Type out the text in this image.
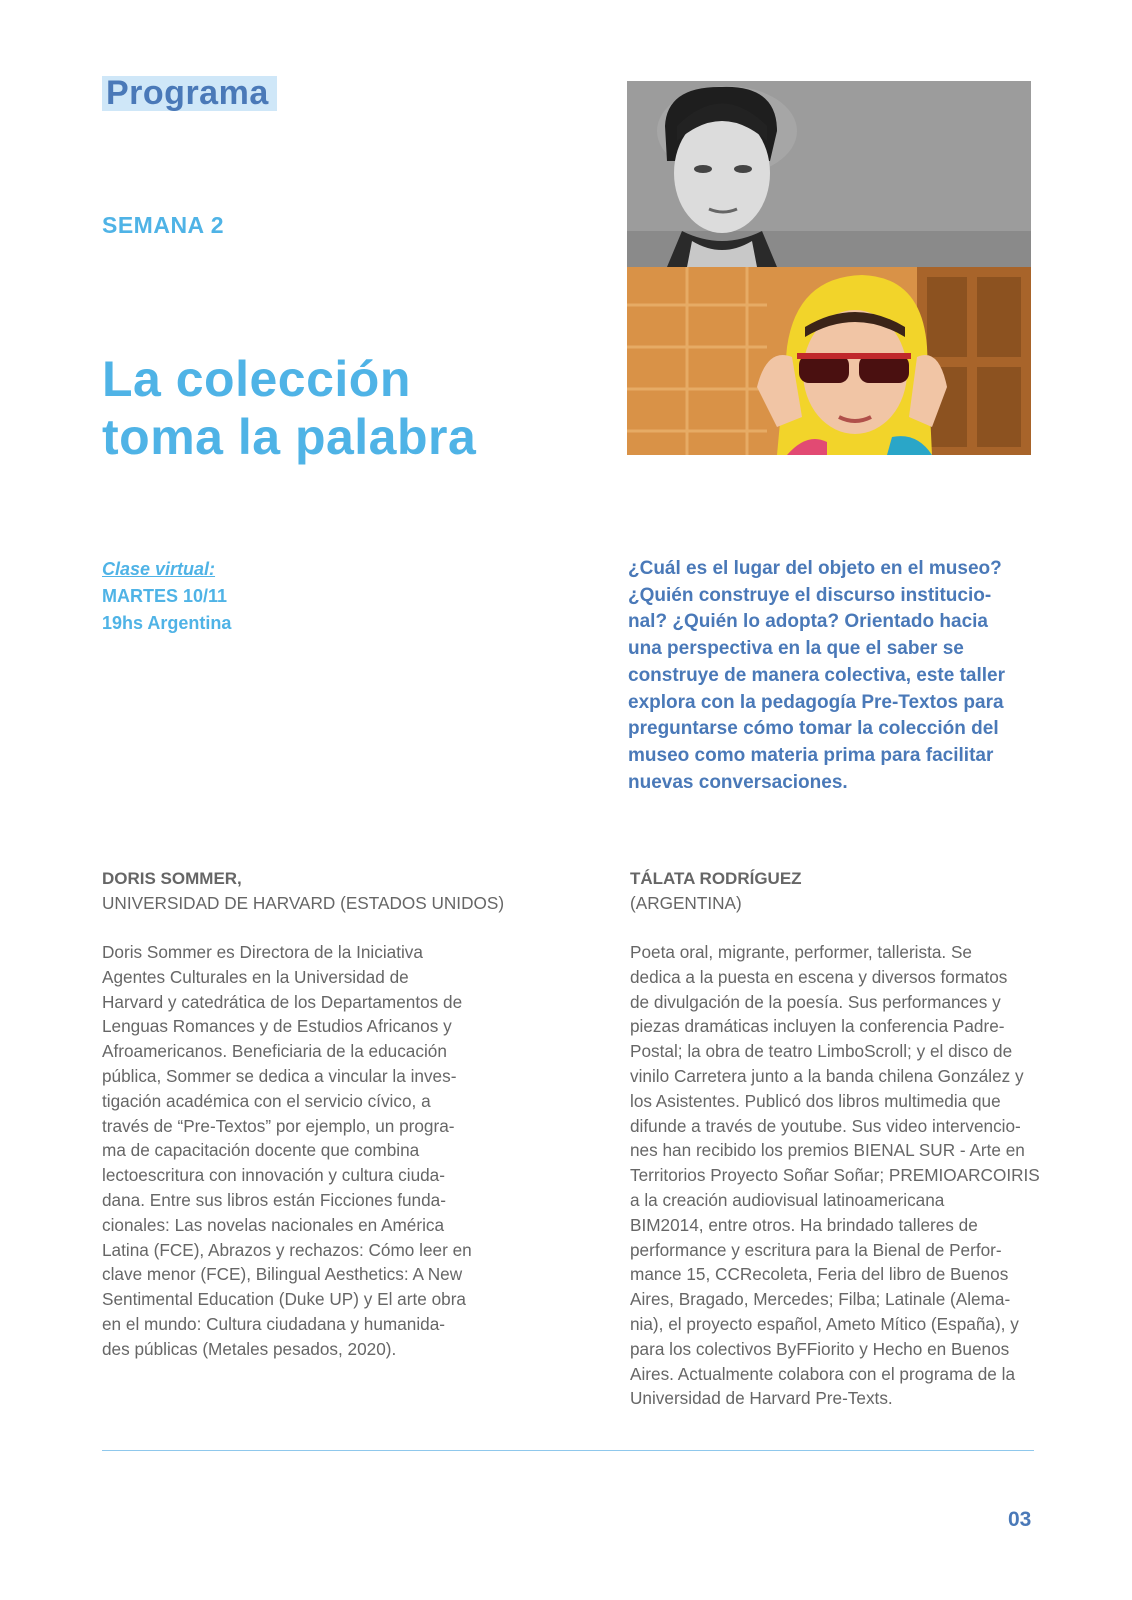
Programa
SEMANA 2
La colección
toma la palabra
Clase virtual:
MARTES 10/11
19hs Argentina
¿Cuál es el lugar del objeto en el museo?
¿Quién construye el discurso institucio-
nal? ¿Quién lo adopta? Orientado hacia
una perspectiva en la que el saber se
construye de manera colectiva, este taller
explora con la pedagogía Pre-Textos para
preguntarse cómo tomar la colección del
museo como materia prima para facilitar
nuevas conversaciones.
DORIS SOMMER,
UNIVERSIDAD DE HARVARD (ESTADOS UNIDOS)
Doris Sommer es Directora de la Iniciativa
Agentes Culturales en la Universidad de
Harvard y catedrática de los Departamentos de
Lenguas Romances y de Estudios Africanos y
Afroamericanos. Beneficiaria de la educación
pública, Sommer se dedica a vincular la inves-
tigación académica con el servicio cívico, a
través de “Pre-Textos” por ejemplo, un progra-
ma de capacitación docente que combina
lectoescritura con innovación y cultura ciuda-
dana. Entre sus libros están Ficciones funda-
cionales: Las novelas nacionales en América
Latina (FCE), Abrazos y rechazos: Cómo leer en
clave menor (FCE), Bilingual Aesthetics: A New
Sentimental Education (Duke UP) y El arte obra
en el mundo: Cultura ciudadana y humanida-
des públicas (Metales pesados, 2020).
TÁLATA RODRÍGUEZ
(ARGENTINA)
Poeta oral, migrante, performer, tallerista. Se
dedica a la puesta en escena y diversos formatos
de divulgación de la poesía. Sus performances y
piezas dramáticas incluyen la conferencia Padre-
Postal; la obra de teatro LimboScroll; y el disco de
vinilo Carretera junto a la banda chilena González y
los Asistentes. Publicó dos libros multimedia que
difunde a través de youtube. Sus video intervencio-
nes han recibido los premios BIENAL SUR - Arte en
Territorios Proyecto Soñar Soñar; PREMIOARCOIRIS
a la creación audiovisual latinoamericana
BIM2014, entre otros. Ha brindado talleres de
performance y escritura para la Bienal de Perfor-
mance 15, CCRecoleta, Feria del libro de Buenos
Aires, Bragado, Mercedes; Filba; Latinale (Alema-
nia), el proyecto español, Ameto Mítico (España), y
para los colectivos ByFFiorito y Hecho en Buenos
Aires. Actualmente colabora con el programa de la
Universidad de Harvard Pre-Texts.
03
